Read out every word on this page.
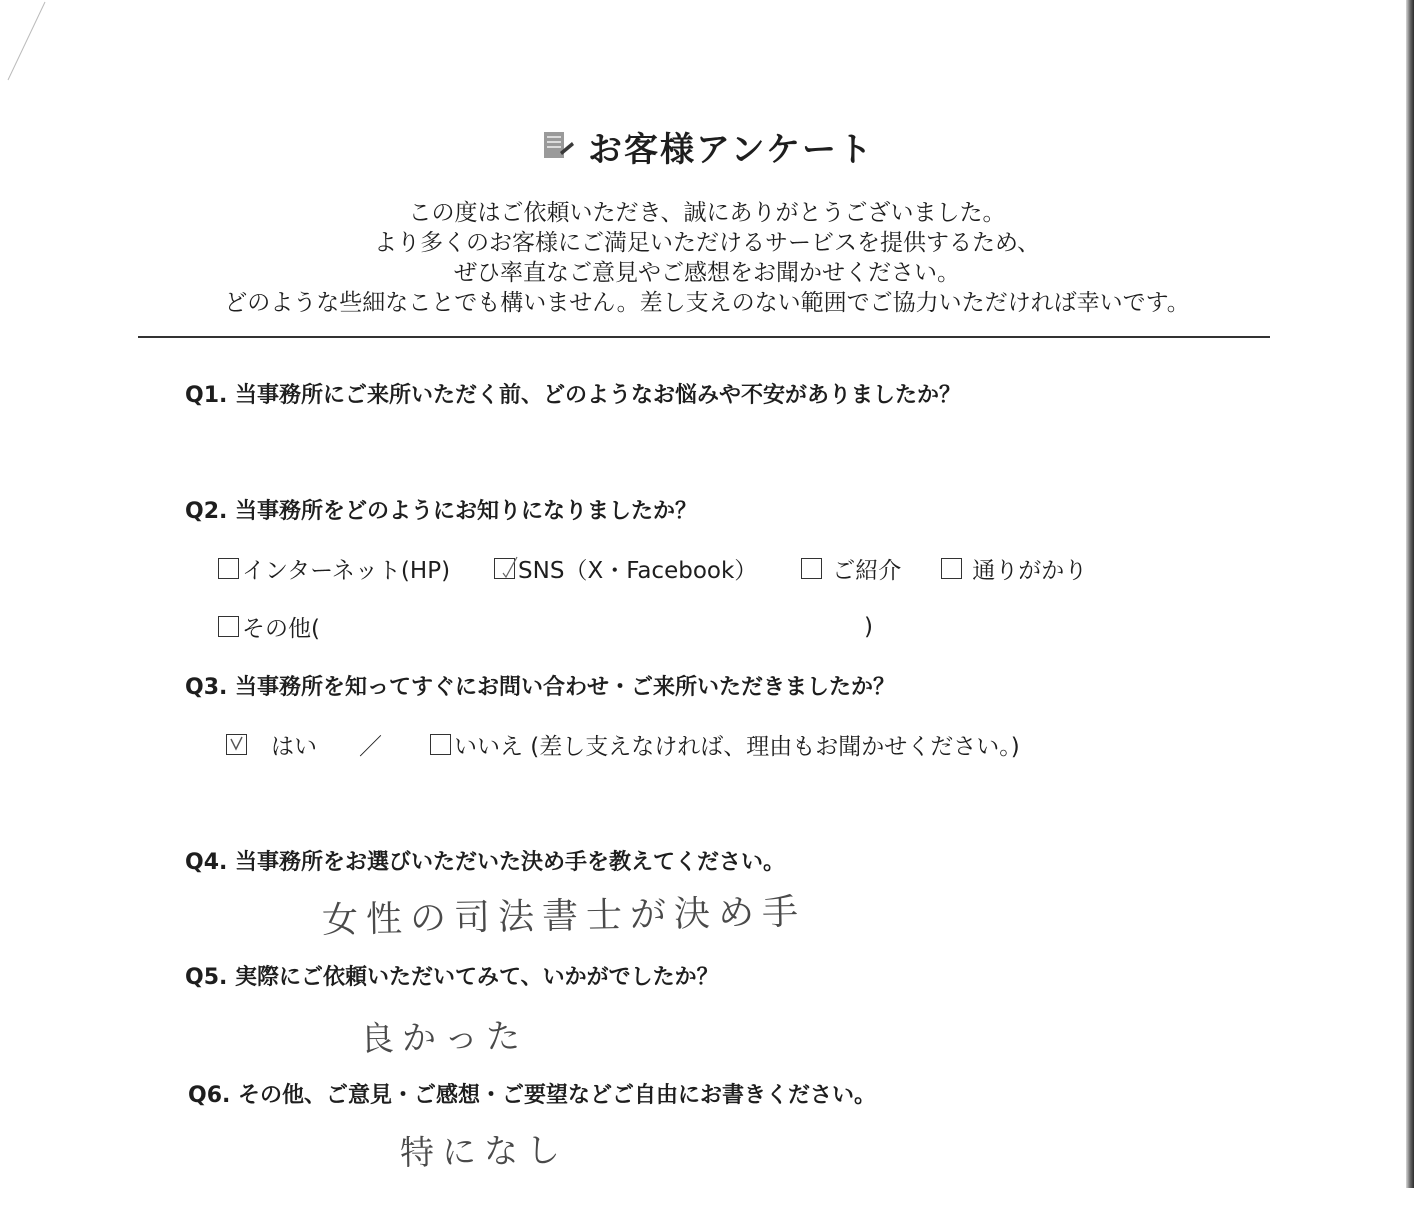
お客様アンケート
この度はご依頼いただき、誠にありがとうございました。
より多くのお客様にご満足いただけるサービスを提供するため、
ぜひ率直なご意見やご感想をお聞かせください。
どのような些細なことでも構いません。差し支えのない範囲でご協力いただければ幸いです。
Q1. 当事務所にご来所いただく前、どのようなお悩みや不安がありましたか？
Q2. 当事務所をどのようにお知りになりましたか？
インターネット(HP)	SNS（X・Facebook）	ご紹介	通りがかり
その他(	)
Q3. 当事務所を知ってすぐにお問い合わせ・ご来所いただきましたか？
はい ／	いいえ (差し支えなければ、理由もお聞かせください。)
Q4. 当事務所をお選びいただいた決め手を教えてください。
女性の司法書士が決め手
Q5. 実際にご依頼いただいてみて、いかがでしたか？
良かった
Q6. その他、ご意見・ご感想・ご要望などご自由にお書きください。
特になし
